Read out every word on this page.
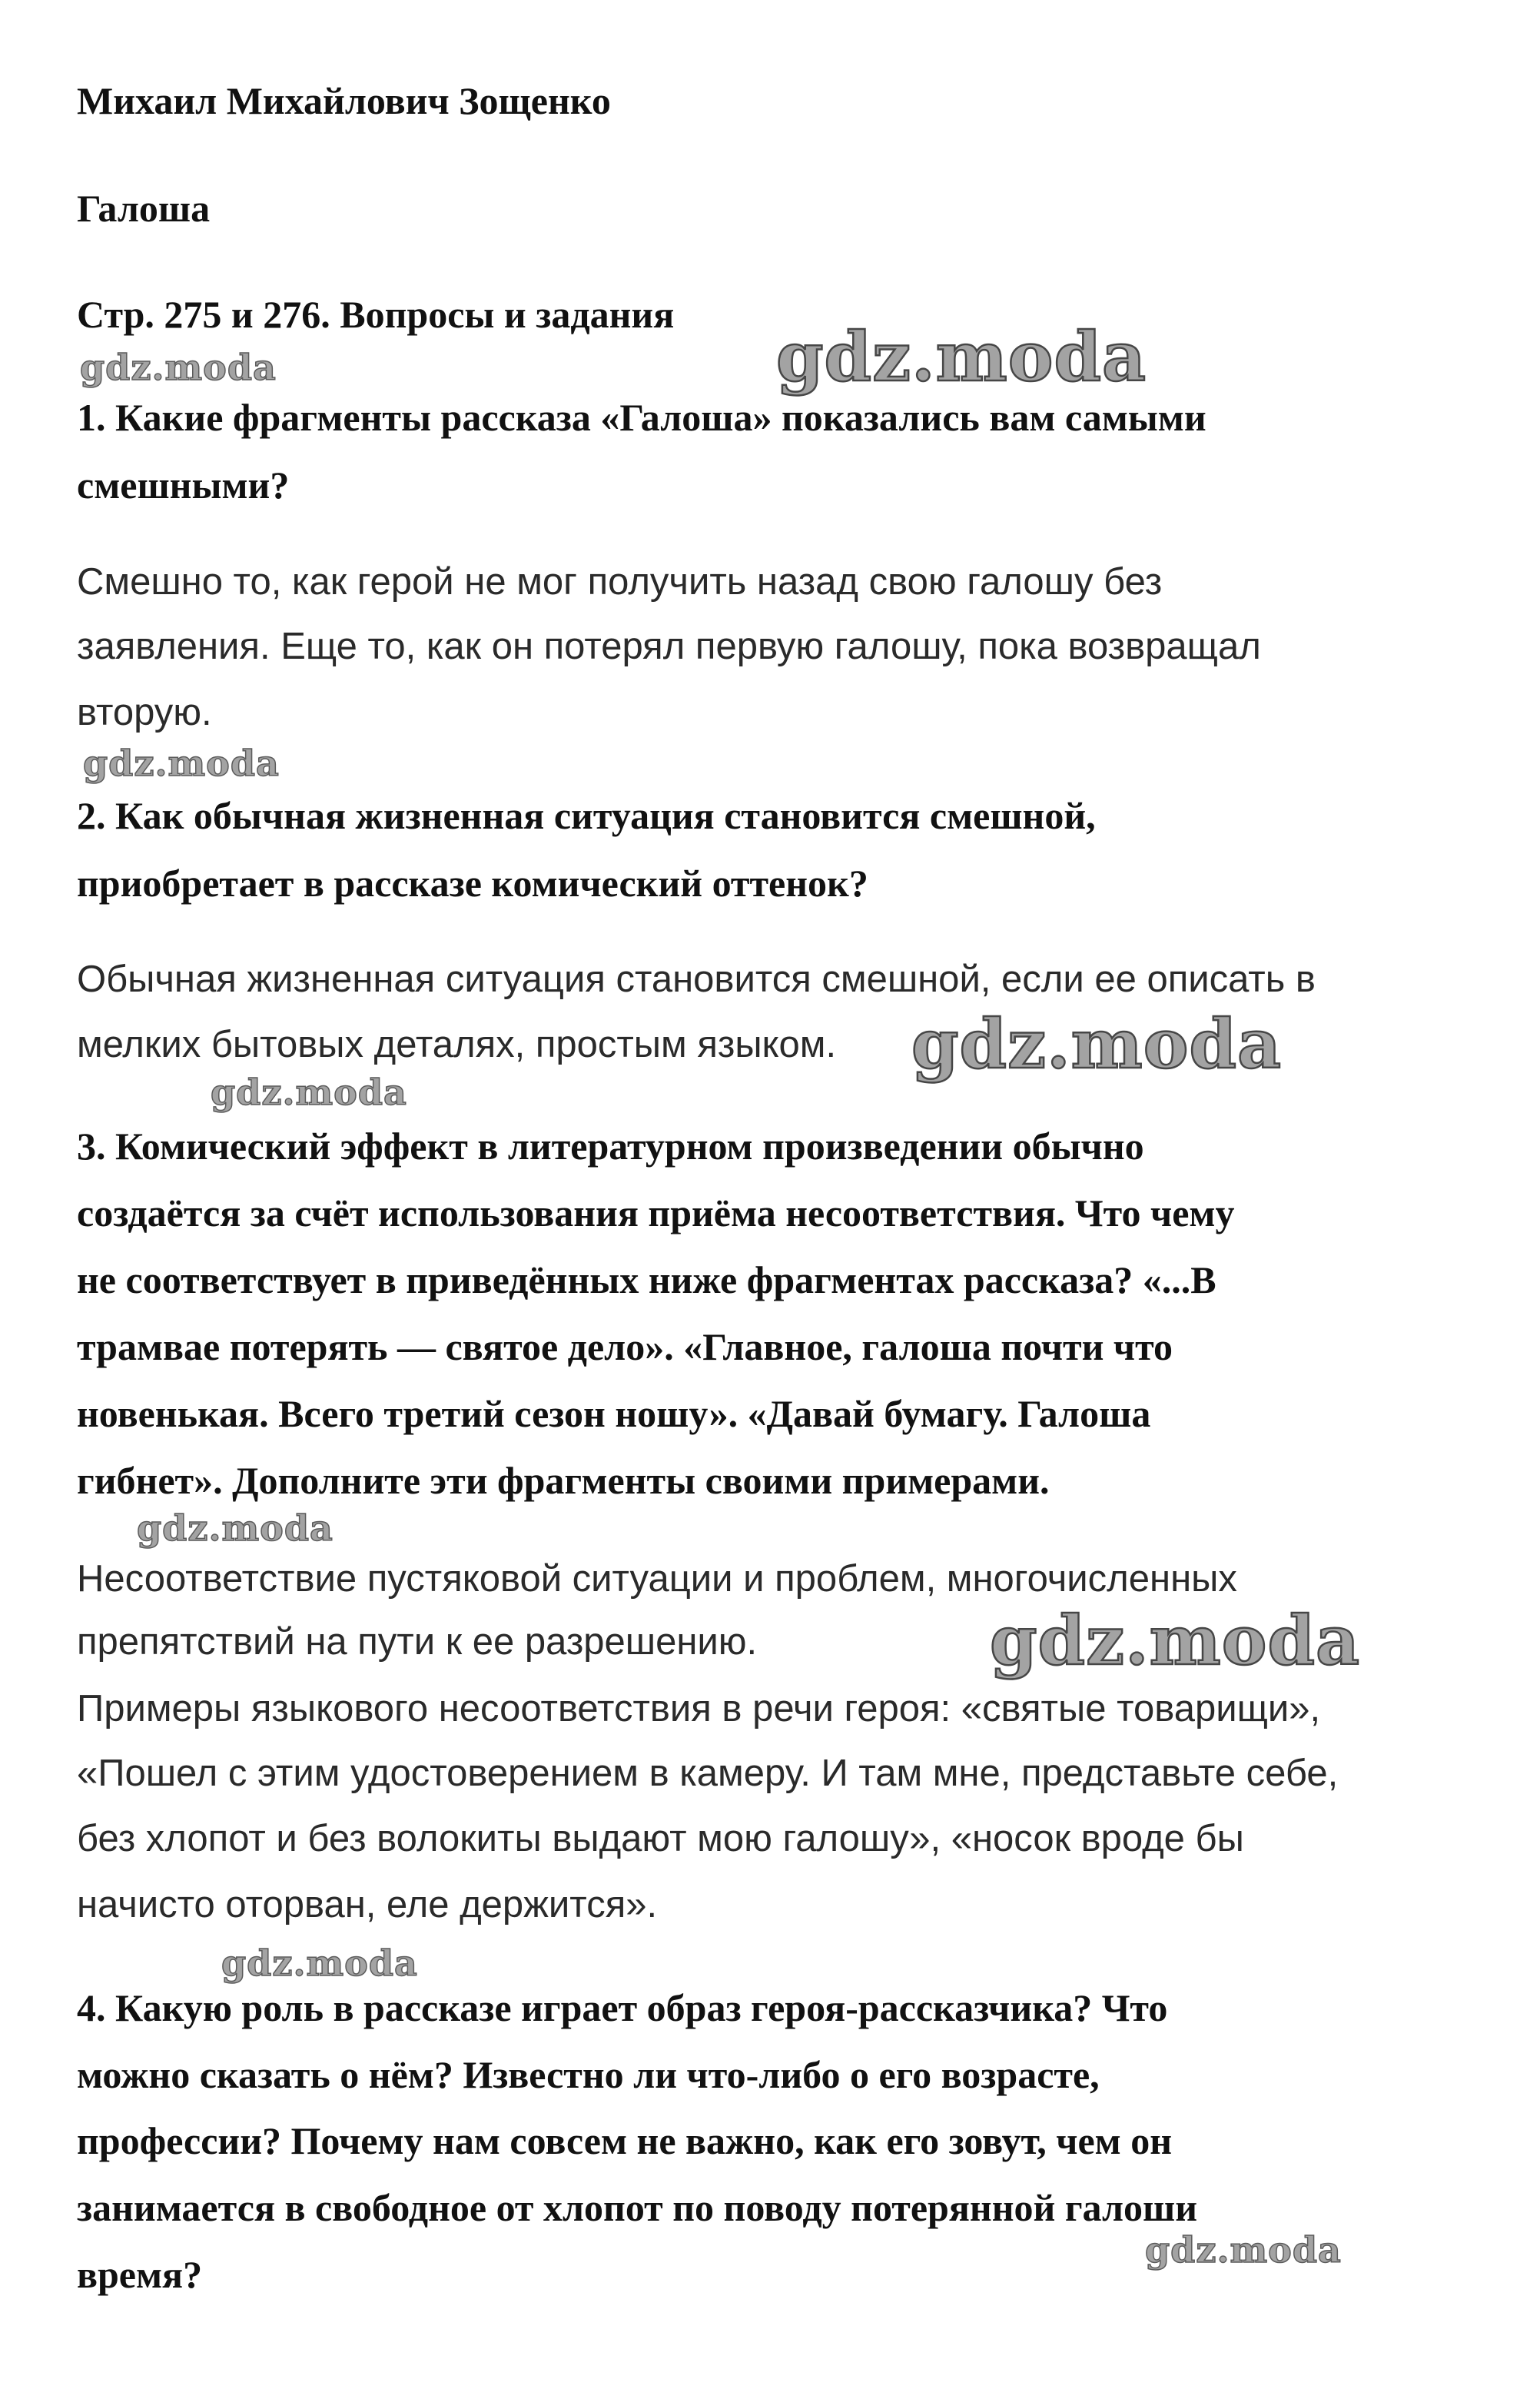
Михаил Михайлович Зощенко
Галоша
Стр. 275 и 276. Вопросы и задания
1. Какие фрагменты рассказа «Галоша» показались вам самыми
смешными?
Смешно то, как герой не мог получить назад свою галошу без
заявления. Еще то, как он потерял первую галошу, пока возвращал
вторую.
2. Как обычная жизненная ситуация становится смешной,
приобретает в рассказе комический оттенок?
Обычная жизненная ситуация становится смешной, если ее описать в
мелких бытовых деталях, простым языком.
3. Комический эффект в литературном произведении обычно
создаётся за счёт использования приёма несоответствия. Что чему
не соответствует в приведённых ниже фрагментах рассказа? «...В
трамвае потерять — святое дело». «Главное, галоша почти что
новенькая. Всего третий сезон ношу». «Давай бумагу. Галоша
гибнет». Дополните эти фрагменты своими примерами.
Несоответствие пустяковой ситуации и проблем, многочисленных
препятствий на пути к ее разрешению.
Примеры языкового несоответствия в речи героя: «святые товарищи»,
«Пошел с этим удостоверением в камеру. И там мне, представьте себе,
без хлопот и без волокиты выдают мою галошу», «носок вроде бы
начисто оторван, еле держится».
4. Какую роль в рассказе играет образ героя-рассказчика? Что
можно сказать о нём? Известно ли что-либо о его возрасте,
профессии? Почему нам совсем не важно, как его зовут, чем он
занимается в свободное от хлопот по поводу потерянной галоши
время?
gdz.moda	gdz.moda
gdz.moda
gdz.moda
gdz.moda
gdz.moda
gdz.moda
gdz.moda
gdz.moda
